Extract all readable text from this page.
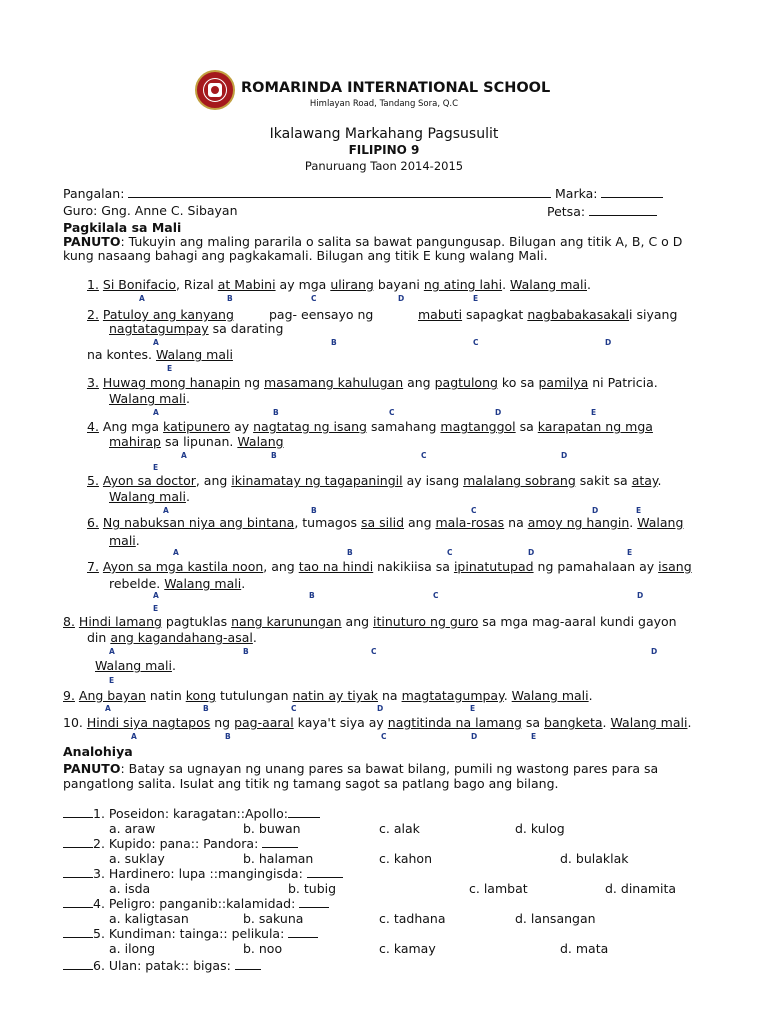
ROMARINDA INTERNATIONAL SCHOOL
Himlayan Road, Tandang Sora, Q.C
Ikalawang Markahang Pagsusulit
FILIPINO 9
Panuruang Taon 2014-2015
Pangalan:	Marka:
Guro: Gng. Anne C. Sibayan	Petsa:
Pagkilala sa Mali
PANUTO: Tukuyin ang maling pararila o salita sa bawat pangungusap. Bilugan ang titik A, B, C o D
kung nasaang bahagi ang pagkakamali. Bilugan ang titik E kung walang Mali.
1. Si Bonifacio, Rizal at Mabini ay mga ulirang bayani ng ating lahi. Walang mali.
A	B	C	D	E
2. Patuloy ang kanyang	pag- eensayo ng	mabuti sapagkat nagbabakasakali siyang
nagtatagumpay sa darating
A	B	C	D
na kontes. Walang mali
E
3. Huwag mong hanapin ng masamang kahulugan ang pagtulong ko sa pamilya ni Patricia.
Walang mali.
A	B	C	D	E
4. Ang mga katipunero ay nagtatag ng isang samahang magtanggol sa karapatan ng mga
mahirap sa lipunan. Walang
A	B	C	D
E
5. Ayon sa doctor, ang ikinamatay ng tagapaningil ay isang malalang sobrang sakit sa atay.
Walang mali.
A	B	C	D	E
6. Ng nabuksan niya ang bintana, tumagos sa silid ang mala-rosas na amoy ng hangin. Walang
mali.
A	B	C	D	E
7. Ayon sa mga kastila noon, ang tao na hindi nakikiisa sa ipinatutupad ng pamahalaan ay isang
rebelde. Walang mali.
A	B	C	D
E
8. Hindi lamang pagtuklas nang karunungan ang itinuturo ng guro sa mga mag-aaral kundi gayon
din ang kagandahang-asal.
A	B	C	D
Walang mali.
E
9. Ang bayan natin kong tutulungan natin ay tiyak na magtatagumpay. Walang mali.
A	B	C	D	E
10. Hindi siya nagtapos ng pag-aaral kaya't siya ay nagtitinda na lamang sa bangketa. Walang mali.
A	B	C	D	E
Analohiya
PANUTO: Batay sa ugnayan ng unang pares sa bawat bilang, pumili ng wastong pares para sa
pangatlong salita. Isulat ang titik ng tamang sagot sa patlang bago ang bilang.
1. Poseidon: karagatan::Apollo:
a. araw	b. buwan	c. alak	d. kulog
2. Kupido: pana:: Pandora:
a. suklay	b. halaman	c. kahon	d. bulaklak
3. Hardinero: lupa ::mangingisda:
a. isda	b. tubig	c. lambat	d. dinamita
4. Peligro: panganib::kalamidad:
a. kaligtasan	b. sakuna	c. tadhana	d. lansangan
5. Kundiman: tainga:: pelikula:
a. ilong	b. noo	c. kamay	d. mata
6. Ulan: patak:: bigas:
